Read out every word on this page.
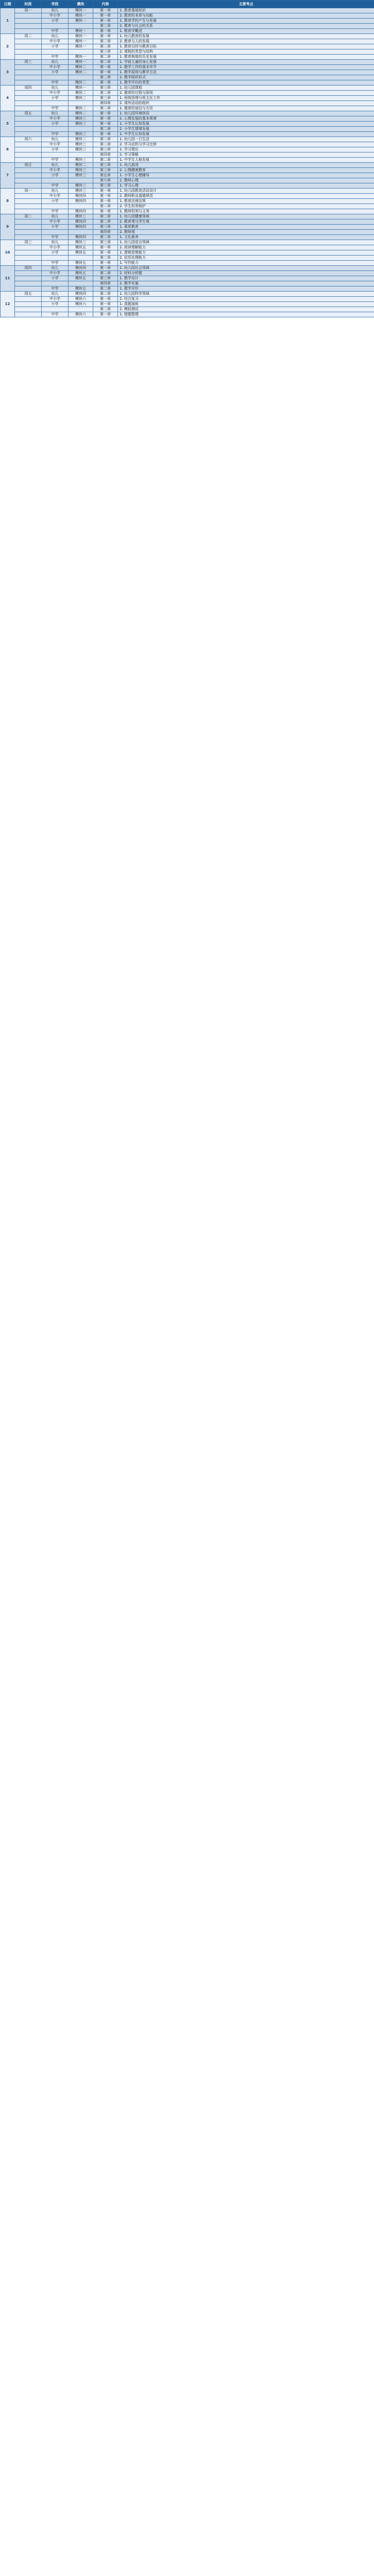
日期	时段	学段	模块	内容	主要考点
1	周一	幼儿	模块一	第一章	1. 教育基础知识
		中小学	模块一	第一章	2. 教育的本质与功能
		小学	模块一	第一章	1. 教育学的产生与发展
				第二章	2. 教育与社会的关系
		中学	模块一	第一章	1. 教育学概述
2	周二	幼儿	模块一	第一章	1. 幼儿教育的发展
		中小学	模块一	第二章	2. 教育与人的发展
		小学	模块一	第二章	1. 教育目的与教育目标
				第三章	2. 课程的类型与结构
		中学	模块一	第二章	1. 教育制度的历史发展
3	周三	幼儿	模块一	第二章	1. 学前儿童的身心发展
		中小学	模块二	第一章	2. 教学工作的基本环节
		小学	模块二	第一章	1. 教学原则与教学方法
				第二章	2. 教学组织形式
		中学	模块二	第一章	1. 教学评价的类型
4	周四	幼儿	模块一	第三章	1. 幼儿园课程
		中小学	模块二	第二章	2. 德育的过程与原则
		小学	模块二	第三章	1. 班级管理与班主任工作
				第四章	2. 课外活动的组织
		中学	模块二	第二章	1. 德育的途径与方法
5	周五	幼儿	模块二	第一章	1. 幼儿园环境创设
		中小学	模块三	第一章	2. 心理发展的基本规律
		小学	模块三	第一章	1. 小学生认知发展
				第二章	2. 小学生情绪发展
		中学	模块三	第一章	1. 中学生认知发展
6	周六	幼儿	模块二	第二章	1. 幼儿园一日生活
		中小学	模块三	第二章	2. 学习动机与学习迁移
		小学	模块三	第三章	1. 学习理论
				第四章	2. 学习策略
		中学	模块三	第二章	1. 中学生人格发展
7	周日	幼儿	模块二	第三章	1. 幼儿游戏
		中小学	模块三	第三章	2. 心理健康教育
		小学	模块三	第五章	1. 小学生心理辅导
				第六章	2. 教师心理
		中学	模块三	第三章	1. 学习心理
8	周一	幼儿	模块三	第一章	1. 幼儿园教育活动设计
		中小学	模块四	第一章	2. 教师职业道德规范
		小学	模块四	第一章	1. 教育法律法规
				第二章	2. 学生权利保护
		中学	模块四	第一章	1. 教师权利与义务
9	周二	幼儿	模块三	第二章	1. 幼儿园健康领域
		中小学	模块四	第二章	2. 教育观与学生观
		小学	模块四	第三章	1. 素质教育
				第四章	2. 教师观
		中学	模块四	第二章	1. 文化素养
10	周三	幼儿	模块三	第三章	1. 幼儿园语言领域
		中小学	模块五	第一章	2. 阅读理解能力
		小学	模块五	第一章	1. 逻辑思维能力
				第二章	2. 信息处理能力
		中学	模块五	第一章	1. 写作能力
11	周四	幼儿	模块四	第一章	1. 幼儿园社会领域
		中小学	模块五	第二章	2. 材料分析题
		小学	模块五	第三章	1. 教学设计
				第四章	2. 教学实施
		中学	模块五	第二章	1. 教学评价
12	周五	幼儿	模块四	第二章	1. 幼儿园科学领域
		中小学	模块六	第一章	2. 综合复习
		小学	模块六	第一章	1. 真题演练
				第二章	2. 模拟测试
		中学	模块六	第一章	1. 错题整理
